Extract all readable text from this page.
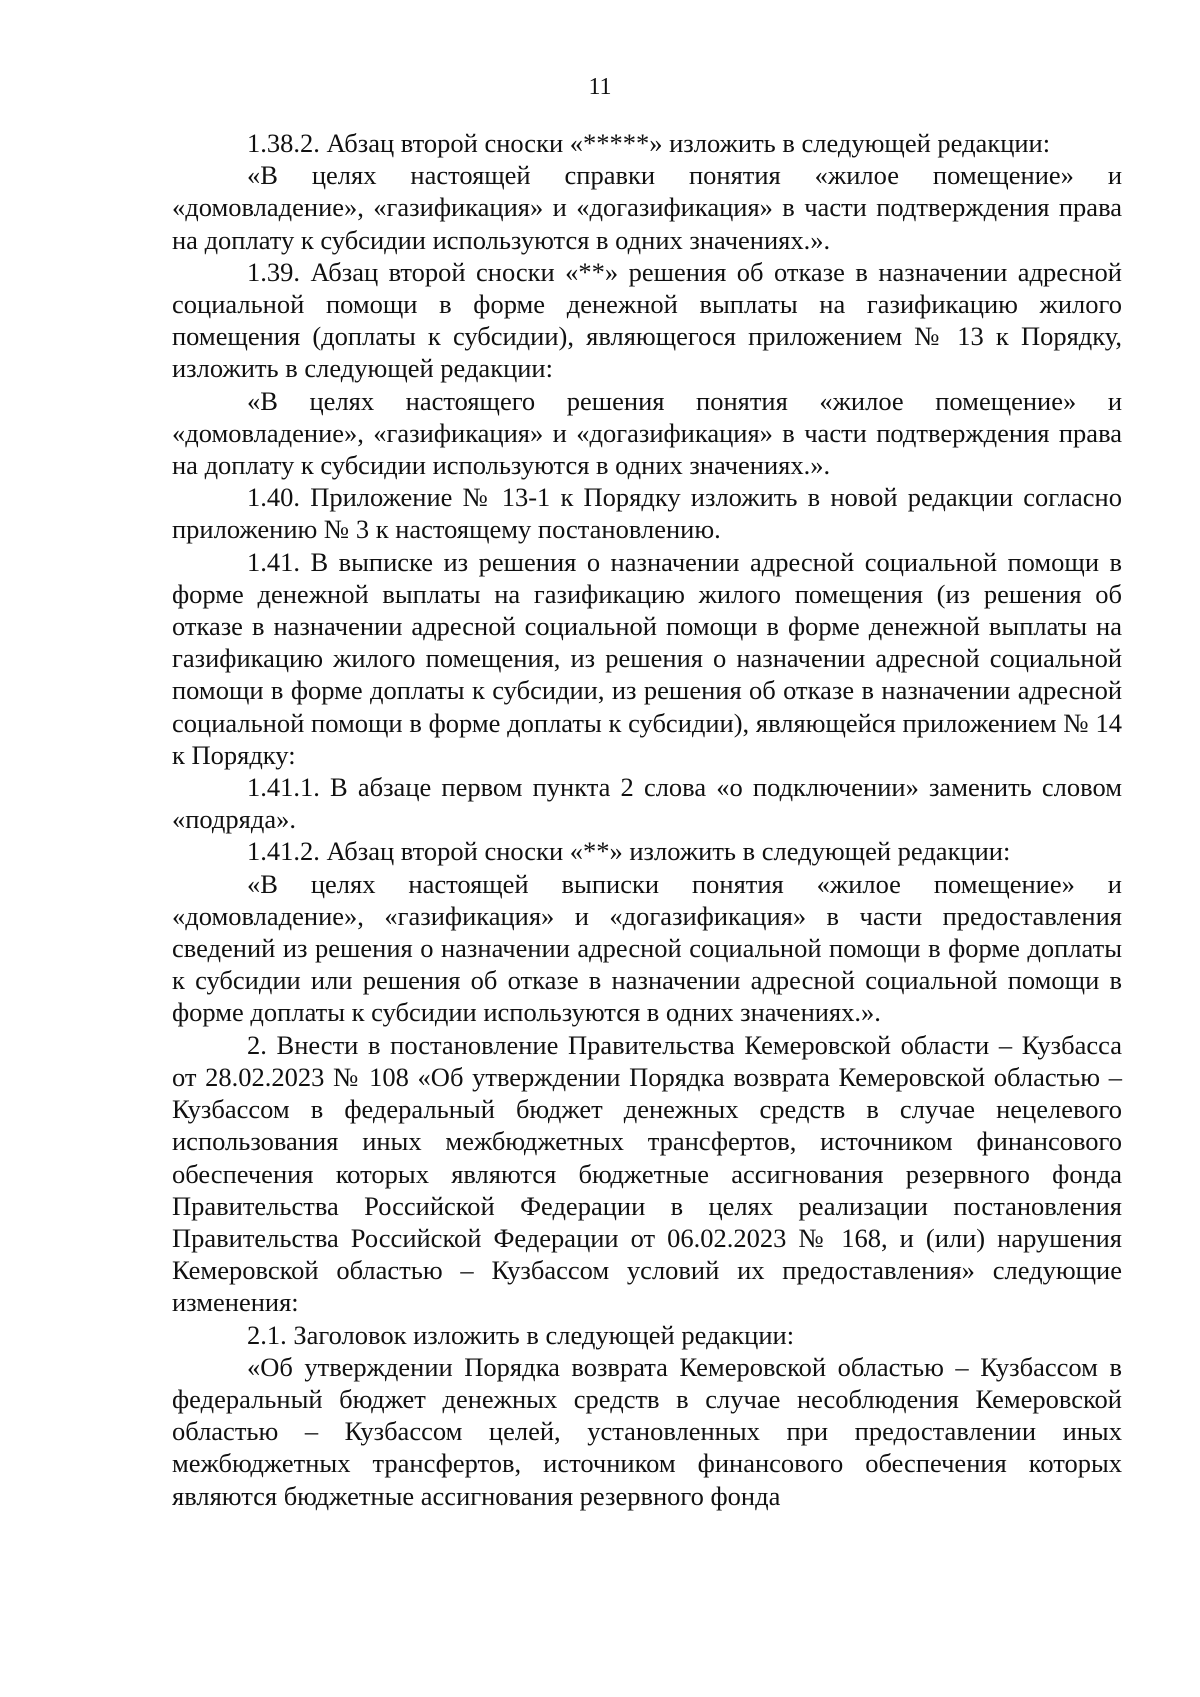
11

1.38.2. Абзац второй сноски «*****» изложить в следующей редакции:

«В целях настоящей справки понятия «жилое помещение» и «домовладение», «газификация» и «догазификация» в части подтверждения права на доплату к субсидии используются в одних значениях.».

1.39. Абзац второй сноски «**» решения об отказе в назначении адресной социальной помощи в форме денежной выплаты на газификацию жилого помещения (доплаты к субсидии), являющегося приложением № 13 к Порядку, изложить в следующей редакции:

«В целях настоящего решения понятия «жилое помещение» и «домовладение», «газификация» и «догазификация» в части подтверждения права на доплату к субсидии используются в одних значениях.».

1.40. Приложение № 13-1 к Порядку изложить в новой редакции согласно приложению № 3 к настоящему постановлению.

1.41. В выписке из решения о назначении адресной социальной помощи в форме денежной выплаты на газификацию жилого помещения (из решения об отказе в назначении адресной социальной помощи в форме денежной выплаты на газификацию жилого помещения, из решения о назначении адресной социальной помощи в форме доплаты к субсидии, из решения об отказе в назначении адресной социальной помощи в форме доплаты к субсидии), являющейся приложением № 14 к Порядку:

1.41.1. В абзаце первом пункта 2 слова «о подключении» заменить словом «подряда».

1.41.2. Абзац второй сноски «**» изложить в следующей редакции:

«В целях настоящей выписки понятия «жилое помещение» и «домовладение», «газификация» и «догазификация» в части предоставления сведений из решения о назначении адресной социальной помощи в форме доплаты к субсидии или решения об отказе в назначении адресной социальной помощи в форме доплаты к субсидии используются в одних значениях.».

2. Внести в постановление Правительства Кемеровской области – Кузбасса от 28.02.2023 № 108 «Об утверждении Порядка возврата Кемеровской областью – Кузбассом в федеральный бюджет денежных средств в случае нецелевого использования иных межбюджетных трансфертов, источником финансового обеспечения которых являются бюджетные ассигнования резервного фонда Правительства Российской Федерации в целях реализации постановления Правительства Российской Федерации от 06.02.2023 № 168, и (или) нарушения Кемеровской областью – Кузбассом условий их предоставления» следующие изменения:

2.1. Заголовок изложить в следующей редакции:

«Об утверждении Порядка возврата Кемеровской областью – Кузбассом в федеральный бюджет денежных средств в случае несоблюдения Кемеровской областью – Кузбассом целей, установленных при предоставлении иных межбюджетных трансфертов, источником финансового обеспечения которых являются бюджетные ассигнования резервного фонда
